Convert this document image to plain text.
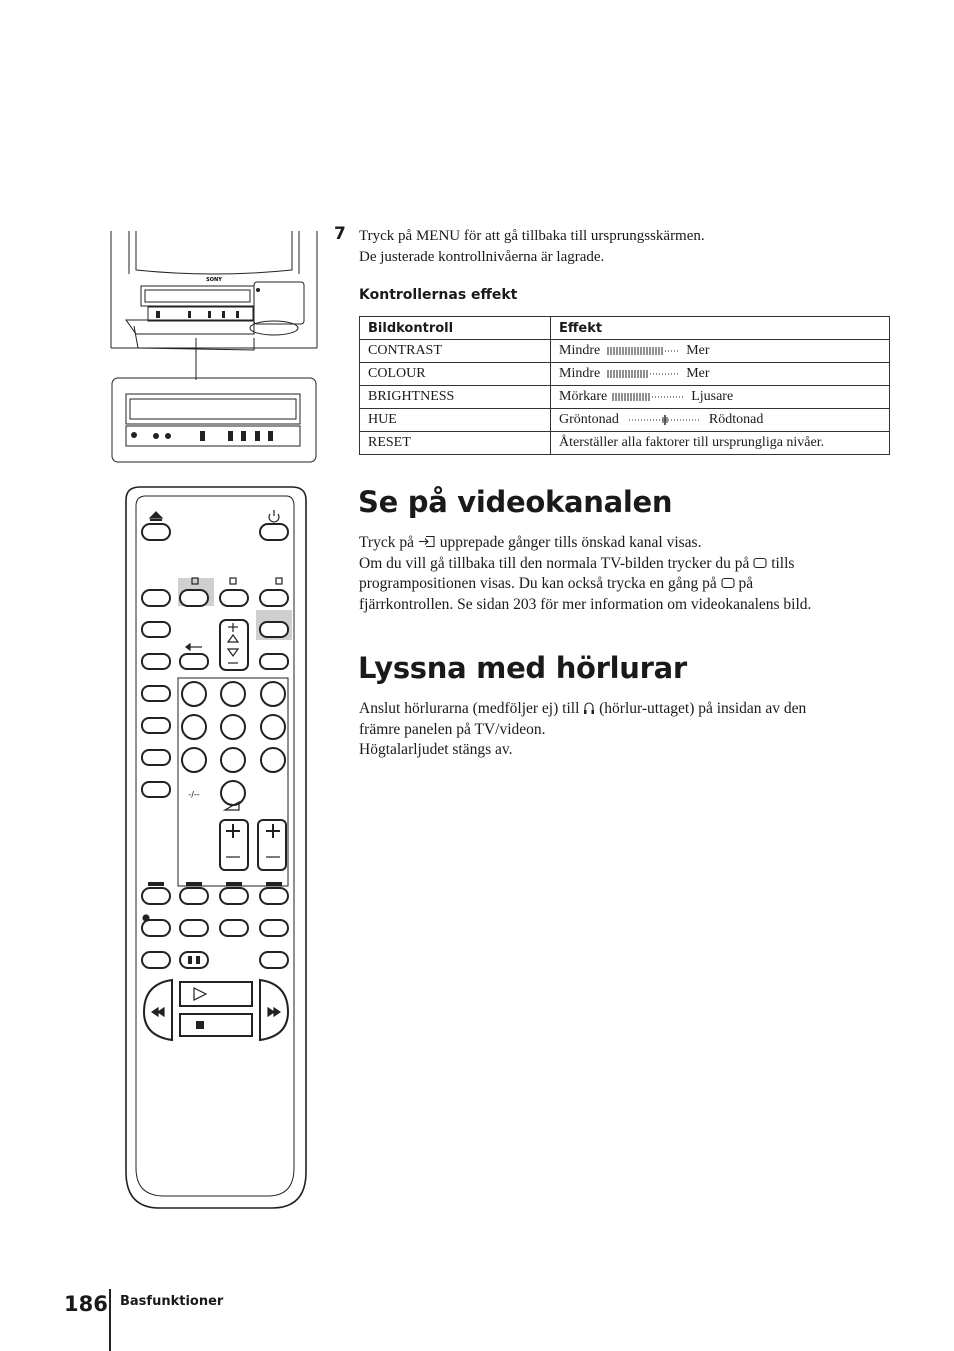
SONY
-/--
7 Tryck på MENU för att gå tillbaka till ursprungsskärmen.
De justerade kontrollnivåerna är lagrade.
Kontrollernas effekt
Bildkontroll	Effekt
CONTRAST	Mindre Mer
COLOUR	Mindre Mer
BRIGHTNESS	Mörkare Ljusare
HUE	Gröntonad Rödtonad
RESET	Återställer alla faktorer till ursprungliga nivåer.
Se på videokanalen
Tryck på upprepade gånger tills önskad kanal visas.
Om du vill gå tillbaka till den normala TV-bilden trycker du på tills
programpositionen visas. Du kan också trycka en gång på på
fjärrkontrollen. Se sidan 203 för mer information om videokanalens bild.
Lyssna med hörlurar
Anslut hörlurarna (medföljer ej) till (hörlur-uttaget) på insidan av den
främre panelen på TV/videon.
Högtalarljudet stängs av.
186 Basfunktioner
